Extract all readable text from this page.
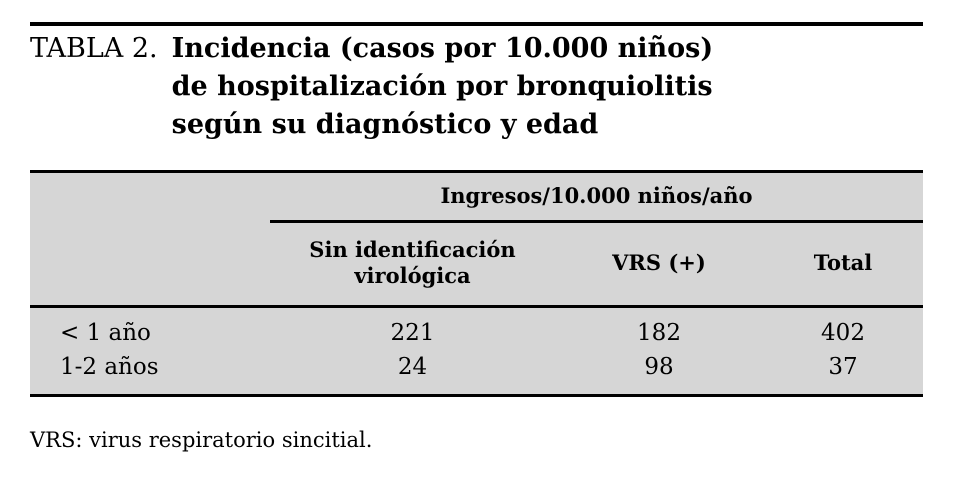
TABLA 2. Incidencia (casos por 10.000 niños)
de hospitalización por bronquiolitis
según su diagnóstico y edad

	Ingresos/10.000 niños/año		

	Sin identificación
virológica	VRS (+)	Total

< 1 año	221	182	402
1-2 años	24	98	37

VRS: virus respiratorio sincitial.
